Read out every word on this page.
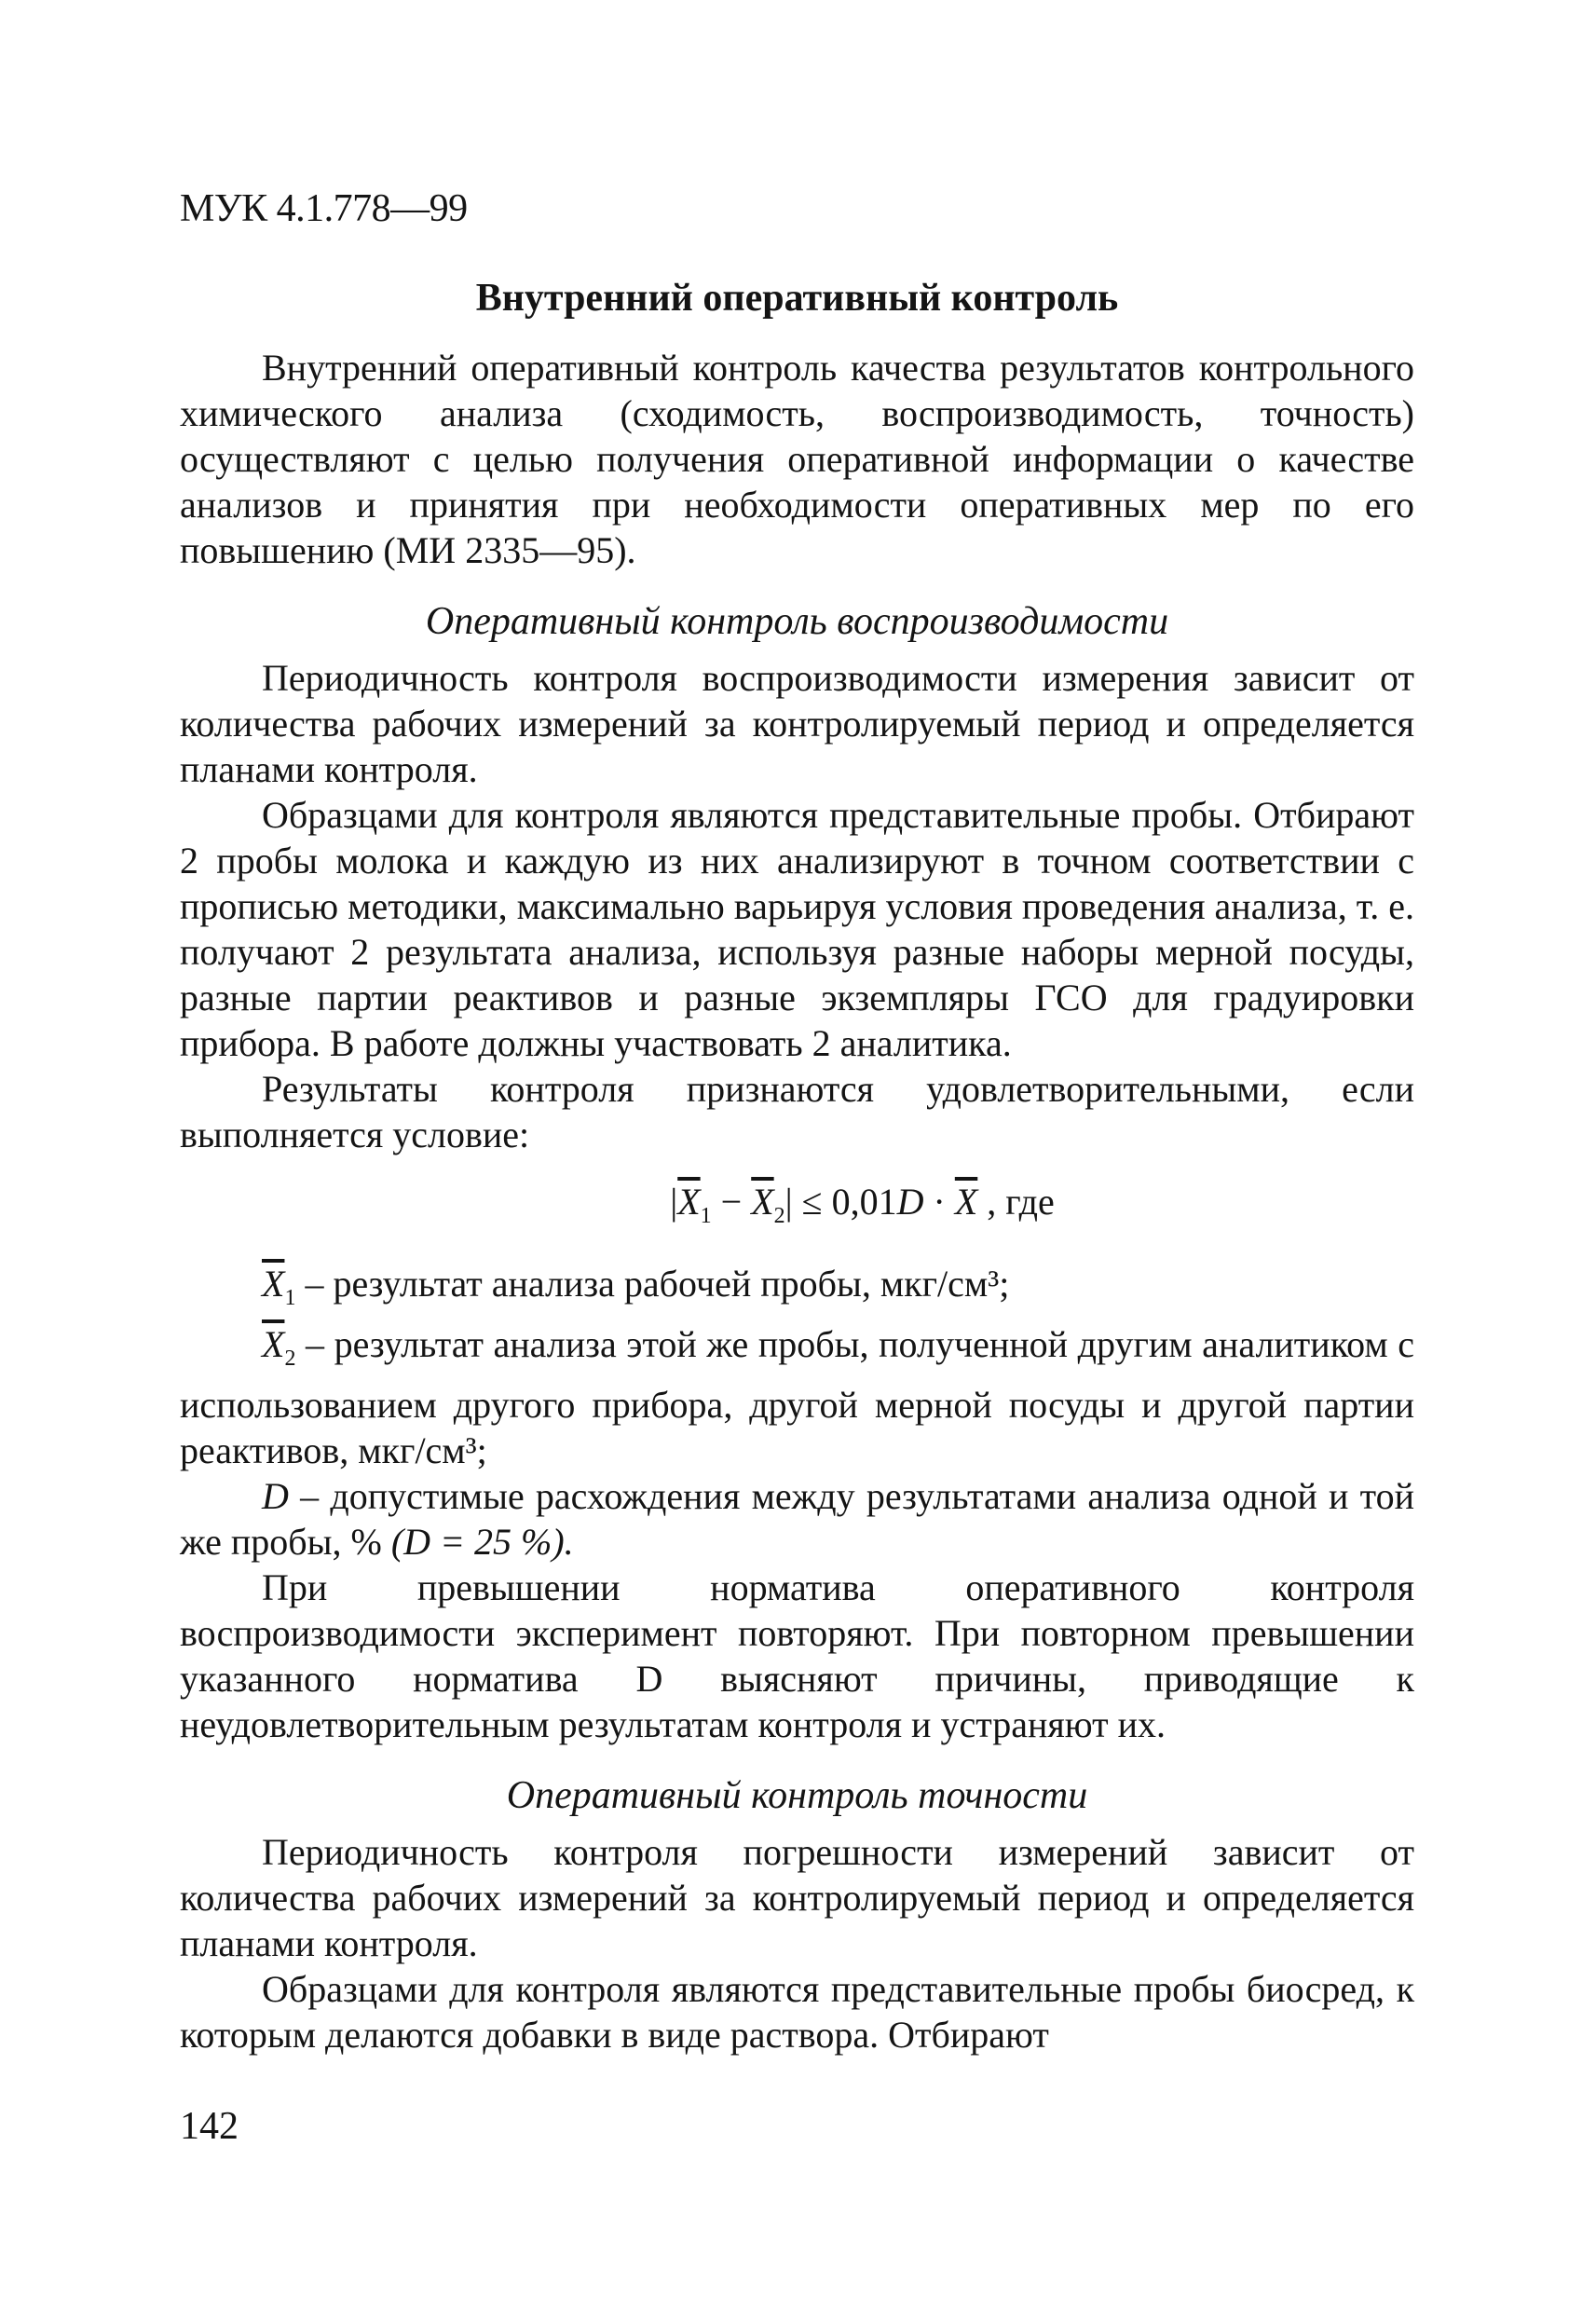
МУК 4.1.778—99
Внутренний оперативный контроль

Внутренний оперативный контроль качества результатов контрольного химического анализа (сходимость, воспроизводимость, точность) осуществляют с целью получения оперативной информации о качестве анализов и принятия при необходимости оперативных мер по его повышению (МИ 2335—95).

Оперативный контроль воспроизводимости

Периодичность контроля воспроизводимости измерения зависит от количества рабочих измерений за контролируемый период и определяется планами контроля.

Образцами для контроля являются представительные пробы. Отбирают 2 пробы молока и каждую из них анализируют в точном соответствии с прописью методики, максимально варьируя условия проведения анализа, т. е. получают 2 результата анализа, используя разные наборы мерной посуды, разные партии реактивов и разные экземпляры ГСО для градуировки прибора. В работе должны участвовать 2 аналитика.

Результаты контроля признаются удовлетворительными, если выполняется условие:

$|\overline{X}_1 - \overline{X}_2| \le 0,01D \cdot \overline{X}$ , где

$\overline{X}_1$ – результат анализа рабочей пробы, мкг/см³;

$\overline{X}_2$ – результат анализа этой же пробы, полученной другим аналитиком с использованием другого прибора, другой мерной посуды и другой партии реактивов, мкг/см³;

D – допустимые расхождения между результатами анализа одной и той же пробы, % (D = 25 %).

При превышении норматива оперативного контроля воспроизводимости эксперимент повторяют. При повторном превышении указанного норматива D выясняют причины, приводящие к неудовлетворительным результатам контроля и устраняют их.

Оперативный контроль точности

Периодичность контроля погрешности измерений зависит от количества рабочих измерений за контролируемый период и определяется планами контроля.

Образцами для контроля являются представительные пробы биосред, к которым делаются добавки в виде раствора. Отбирают

142
